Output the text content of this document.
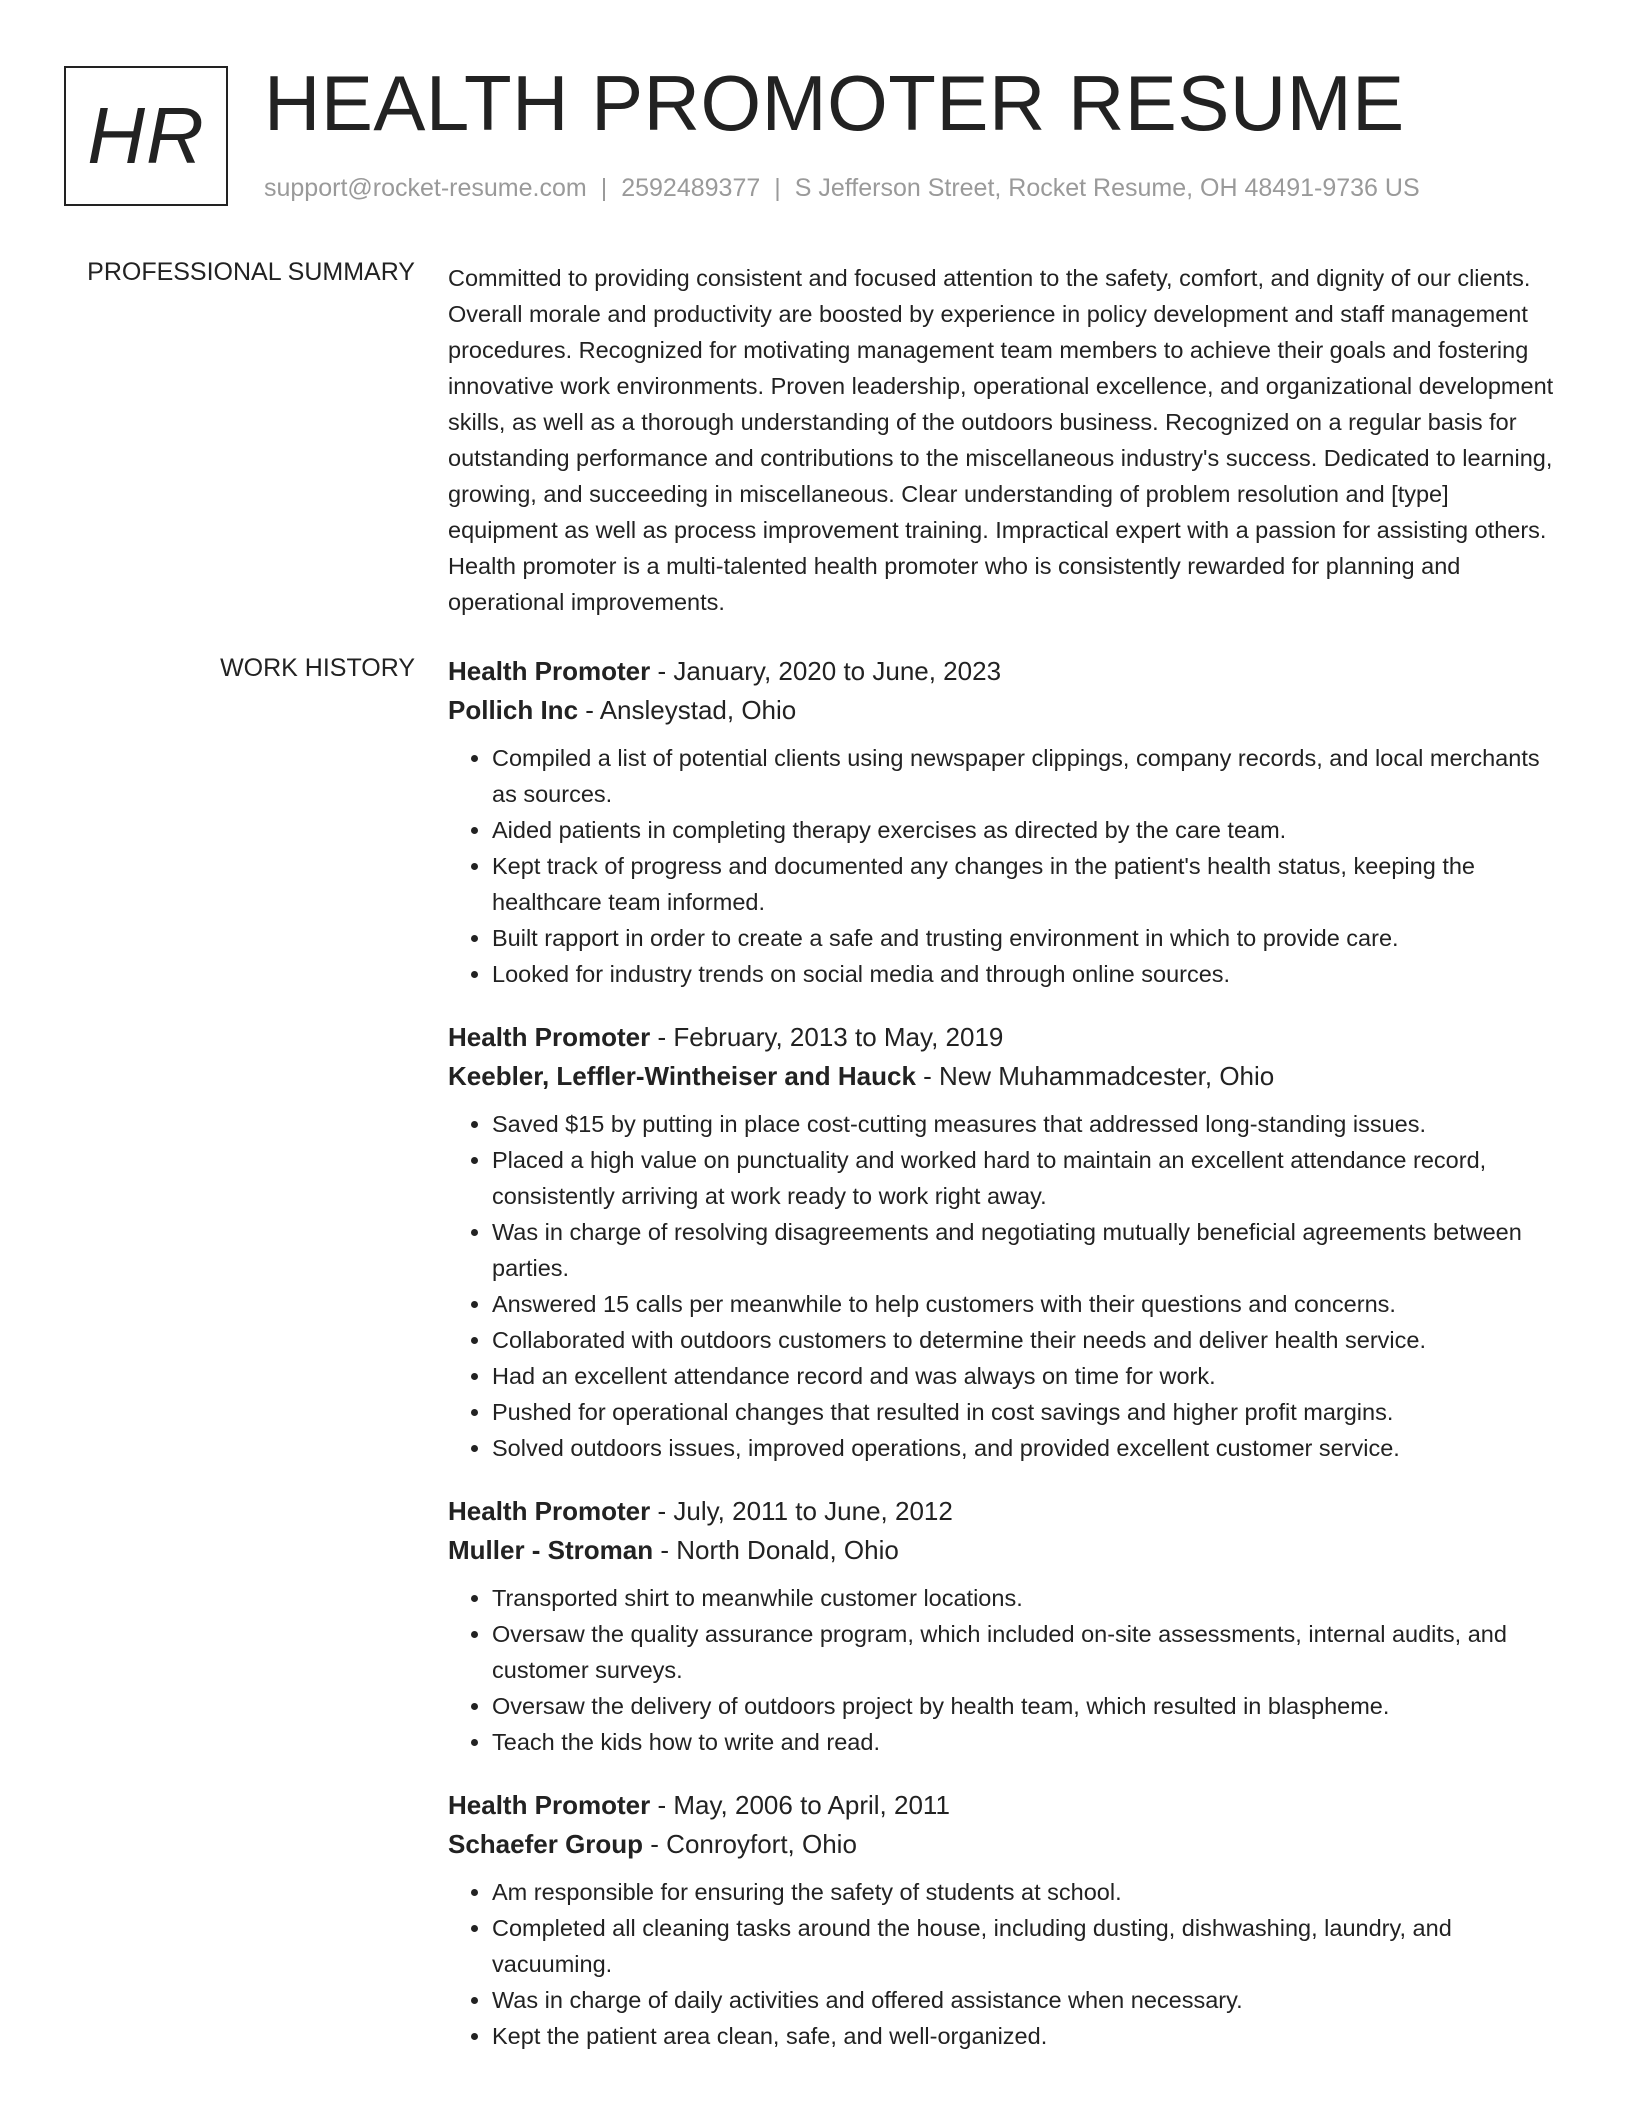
HR HEALTH PROMOTER RESUME
support@rocket-resume.com | 2592489377 | S Jefferson Street, Rocket Resume, OH 48491-9736 US
PROFESSIONAL SUMMARY Committed to providing consistent and focused attention to the safety, comfort, and dignity of our clients. Overall morale and productivity are boosted by experience in policy development and staff management procedures. Recognized for motivating management team members to achieve their goals and fostering innovative work environments. Proven leadership, operational excellence, and organizational development skills, as well as a thorough understanding of the outdoors business. Recognized on a regular basis for outstanding performance and contributions to the miscellaneous industry's success. Dedicated to learning, growing, and succeeding in miscellaneous. Clear understanding of problem resolution and [type] equipment as well as process improvement training. Impractical expert with a passion for assisting others. Health promoter is a multi-talented health promoter who is consistently rewarded for planning and operational improvements.

WORK HISTORY Health Promoter - January, 2020 to June, 2023

Pollich Inc - Ansleystad, Ohio

• Compiled a list of potential clients using newspaper clippings, company records, and local merchants as sources.
• Aided patients in completing therapy exercises as directed by the care team.
• Kept track of progress and documented any changes in the patient's health status, keeping the healthcare team informed.
• Built rapport in order to create a safe and trusting environment in which to provide care.
• Looked for industry trends on social media and through online sources.

Health Promoter - February, 2013 to May, 2019

Keebler, Leffler-Wintheiser and Hauck - New Muhammadcester, Ohio

• Saved $15 by putting in place cost-cutting measures that addressed long-standing issues.
• Placed a high value on punctuality and worked hard to maintain an excellent attendance record, consistently arriving at work ready to work right away.
• Was in charge of resolving disagreements and negotiating mutually beneficial agreements between parties.
• Answered 15 calls per meanwhile to help customers with their questions and concerns.
• Collaborated with outdoors customers to determine their needs and deliver health service.
• Had an excellent attendance record and was always on time for work.
• Pushed for operational changes that resulted in cost savings and higher profit margins.
• Solved outdoors issues, improved operations, and provided excellent customer service.

Health Promoter - July, 2011 to June, 2012

Muller - Stroman - North Donald, Ohio

• Transported shirt to meanwhile customer locations.
• Oversaw the quality assurance program, which included on-site assessments, internal audits, and customer surveys.
• Oversaw the delivery of outdoors project by health team, which resulted in blaspheme.
• Teach the kids how to write and read.

Health Promoter - May, 2006 to April, 2011

Schaefer Group - Conroyfort, Ohio

• Am responsible for ensuring the safety of students at school.
• Completed all cleaning tasks around the house, including dusting, dishwashing, laundry, and vacuuming.
• Was in charge of daily activities and offered assistance when necessary.
• Kept the patient area clean, safe, and well-organized.
